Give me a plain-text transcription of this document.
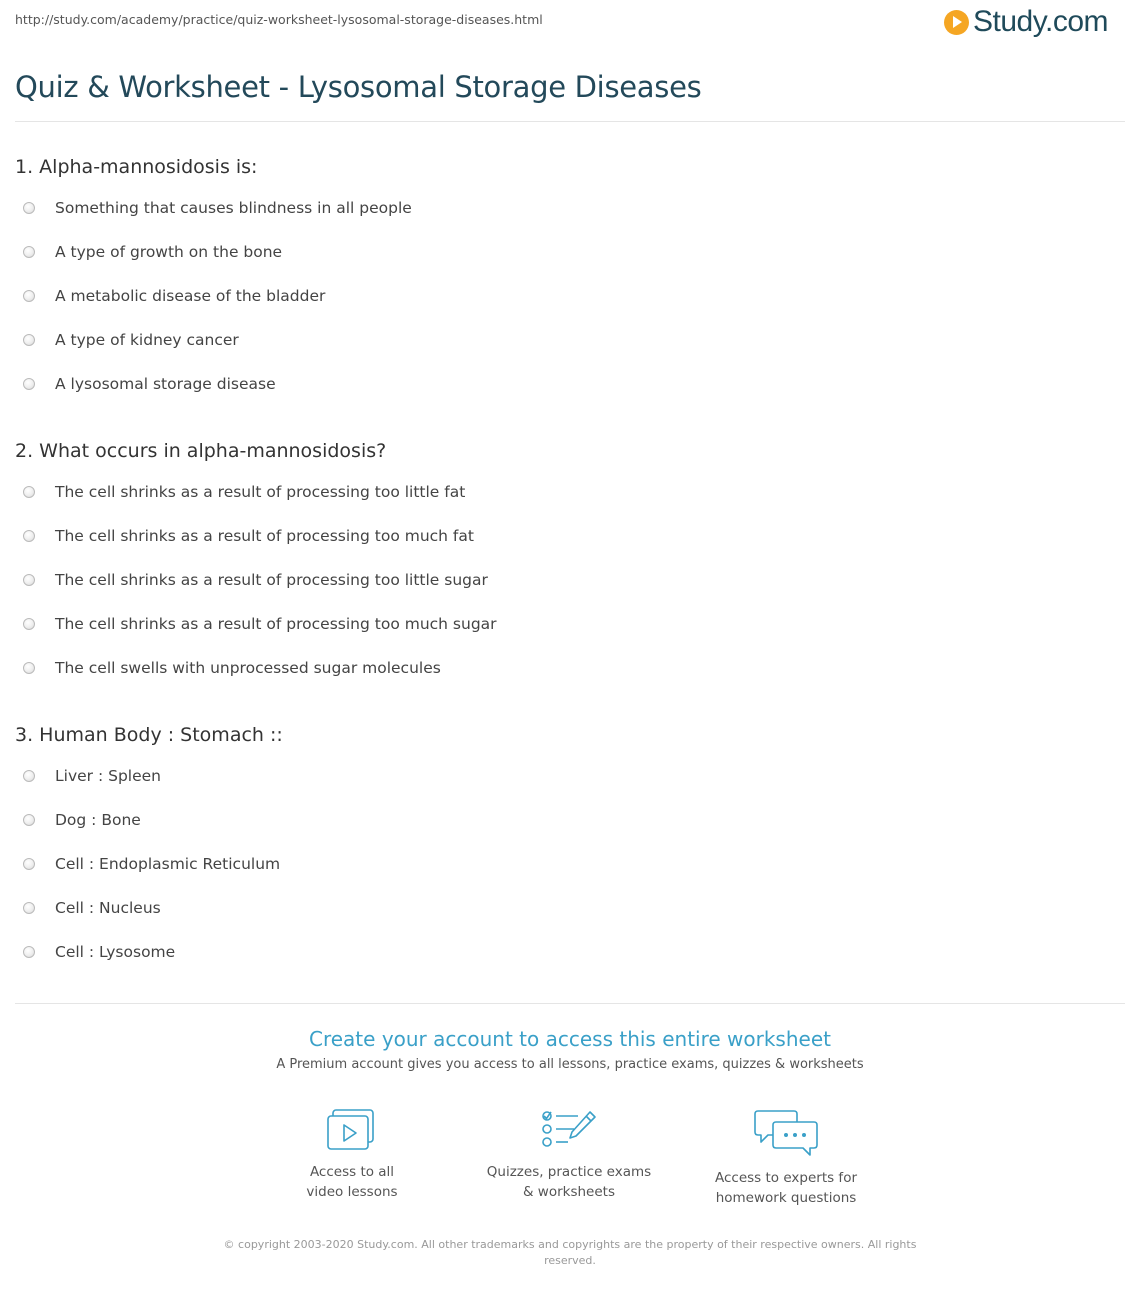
http://study.com/academy/practice/quiz-worksheet-lysosomal-storage-diseases.html	Study.com
Quiz & Worksheet - Lysosomal Storage Diseases
1. Alpha-mannosidosis is:
Something that causes blindness in all people
A type of growth on the bone
A metabolic disease of the bladder
A type of kidney cancer
A lysosomal storage disease
2. What occurs in alpha-mannosidosis?
The cell shrinks as a result of processing too little fat
The cell shrinks as a result of processing too much fat
The cell shrinks as a result of processing too little sugar
The cell shrinks as a result of processing too much sugar
The cell swells with unprocessed sugar molecules
3. Human Body : Stomach ::
Liver : Spleen
Dog : Bone
Cell : Endoplasmic Reticulum
Cell : Nucleus
Cell : Lysosome
Create your account to access this entire worksheet
A Premium account gives you access to all lessons, practice exams, quizzes & worksheets
Access to all
video lessons
Quizzes, practice exams
& worksheets
Access to experts for
homework questions
© copyright 2003-2020 Study.com. All other trademarks and copyrights are the property of their respective owners. All rights
reserved.
